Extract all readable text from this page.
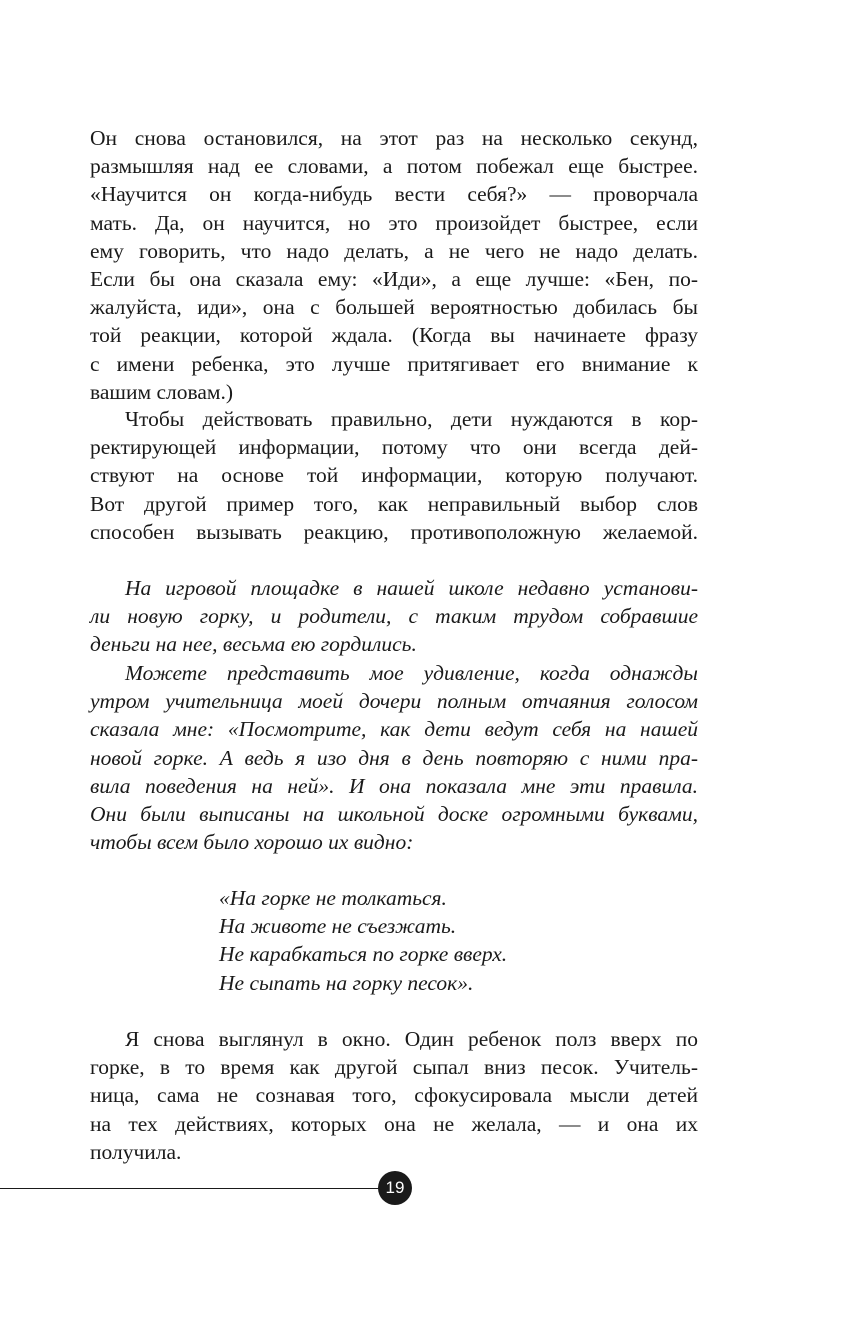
Он снова остановился, на этот раз на несколько секунд,
размышляя над ее словами, а потом побежал еще быстрее.
«Научится он когда-нибудь вести себя?» — проворчала
мать. Да, он научится, но это произойдет быстрее, если
ему говорить, что надо делать, а не чего не надо делать.
Если бы она сказала ему: «Иди», а еще лучше: «Бен, по-
жалуйста, иди», она с большей вероятностью добилась бы
той реакции, которой ждала. (Когда вы начинаете фразу
с имени ребенка, это лучше притягивает его внимание к
вашим словам.)
Чтобы действовать правильно, дети нуждаются в кор-
ректирующей информации, потому что они всегда дей-
ствуют на основе той информации, которую получают.
Вот другой пример того, как неправильный выбор слов
способен вызывать реакцию, противоположную желаемой.
На игровой площадке в нашей школе недавно установи-
ли новую горку, и родители, с таким трудом собравшие
деньги на нее, весьма ею гордились.
Можете представить мое удивление, когда однажды
утром учительница моей дочери полным отчаяния голосом
сказала мне: «Посмотрите, как дети ведут себя на нашей
новой горке. А ведь я изо дня в день повторяю с ними пра-
вила поведения на ней». И она показала мне эти правила.
Они были выписаны на школьной доске огромными буквами,
чтобы всем было хорошо их видно:
«На горке не толкаться.
На животе не съезжать.
Не карабкаться по горке вверх.
Не сыпать на горку песок».
Я снова выглянул в окно. Один ребенок полз вверх по
горке, в то время как другой сыпал вниз песок. Учитель-
ница, сама не сознавая того, сфокусировала мысли детей
на тех действиях, которых она не желала, — и она их
получила.
19
